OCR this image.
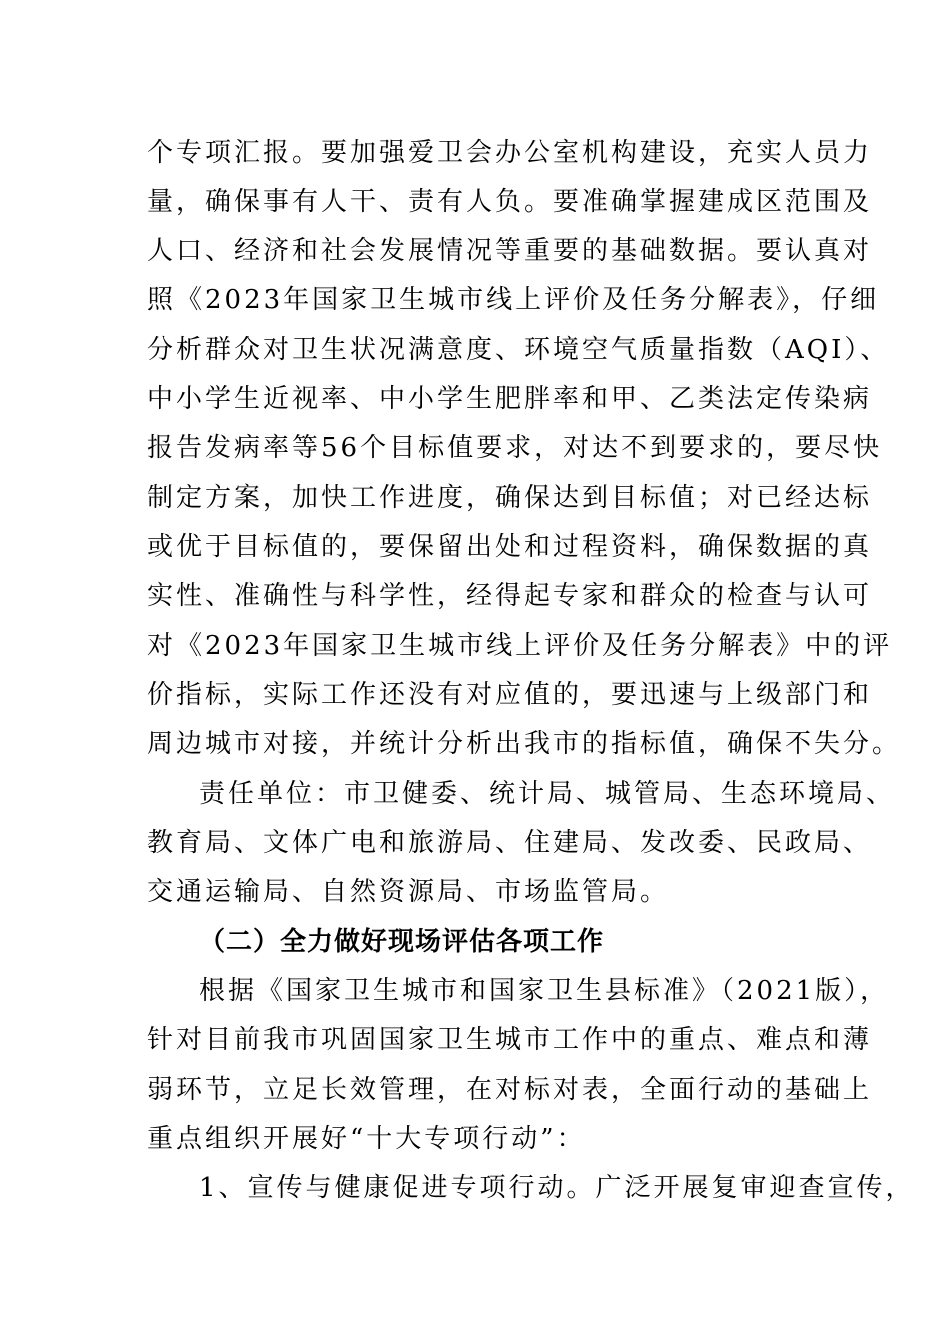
个专项汇报。要加强爱卫会办公室机构建设，充实人员力
量，确保事有人干、责有人负。要准确掌握建成区范围及
人口、经济和社会发展情况等重要的基础数据。要认真对
照《2023年国家卫生城市线上评价及任务分解表》，仔细
分析群众对卫生状况满意度、环境空气质量指数（AQI）、
中小学生近视率、中小学生肥胖率和甲、乙类法定传染病
报告发病率等56个目标值要求，对达不到要求的，要尽快
制定方案，加快工作进度，确保达到目标值；对已经达标
或优于目标值的，要保留出处和过程资料，确保数据的真
实性、准确性与科学性，经得起专家和群众的检查与认可
对《2023年国家卫生城市线上评价及任务分解表》中的评
价指标，实际工作还没有对应值的，要迅速与上级部门和
周边城市对接，并统计分析出我市的指标值，确保不失分。
责任单位：市卫健委、统计局、城管局、生态环境局、
教育局、文体广电和旅游局、住建局、发改委、民政局、
交通运输局、自然资源局、市场监管局。
（二）全力做好现场评估各项工作
根据《国家卫生城市和国家卫生县标准》（2021版），
针对目前我市巩固国家卫生城市工作中的重点、难点和薄
弱环节，立足长效管理，在对标对表，全面行动的基础上
重点组织开展好“十大专项行动”：
1、宣传与健康促进专项行动。广泛开展复审迎查宣传，
